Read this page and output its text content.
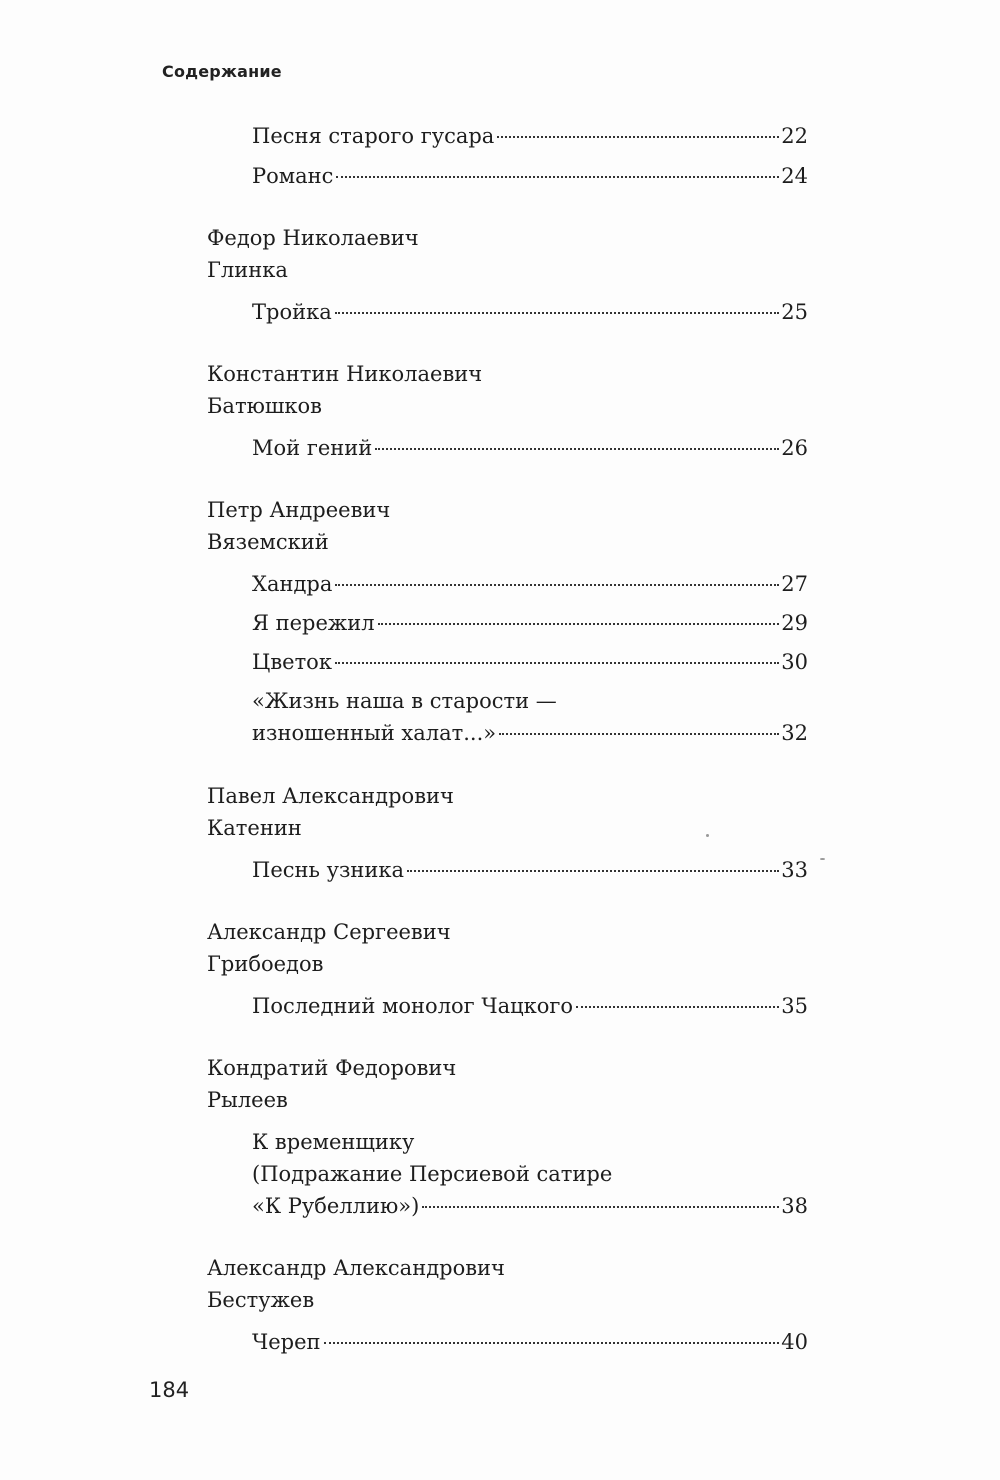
Содержание
Песня старого гусара	22
Романс	24
Федор Николаевич
Глинка
Тройка	25
Константин Николаевич
Батюшков
Мой гений	26
Петр Андреевич
Вяземский
Хандра	27
Я пережил	29
Цветок	30
«Жизнь наша в старости —
изношенный халат...»	32
Павел Александрович
Катенин
Песнь узника	33
Александр Сергеевич
Грибоедов
Последний монолог Чацкого	35
Кондратий Федорович
Рылеев
К временщику
(Подражание Персиевой сатире
«К Рубеллию»)	38
Александр Александрович
Бестужев
Череп	40
184
